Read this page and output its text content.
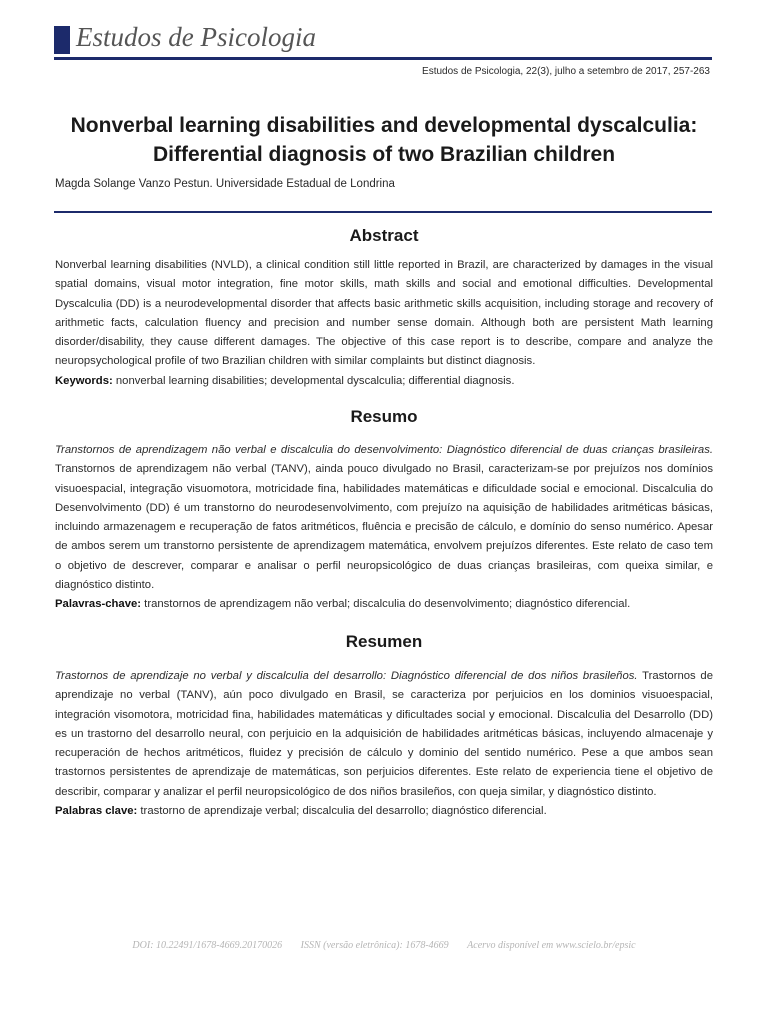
Estudos de Psicologia
Estudos de Psicologia, 22(3), julho a setembro de 2017, 257-263
Nonverbal learning disabilities and developmental dyscalculia:
Differential diagnosis of two Brazilian children
Magda Solange Vanzo Pestun. Universidade Estadual de Londrina
Abstract

Nonverbal learning disabilities (NVLD), a clinical condition still little reported in Brazil, are characterized by damages in the visual spatial domains, visual motor integration, fine motor skills, math skills and social and emotional difficulties. Developmental Dyscalculia (DD) is a neurodevelopmental disorder that affects basic arithmetic skills acquisition, including storage and recovery of arithmetic facts, calculation fluency and precision and number sense domain. Although both are persistent Math learning disorder/disability, they cause different damages. The objective of this case report is to describe, compare and analyze the neuropsychological profile of two Brazilian children with similar complaints but distinct diagnosis.

Keywords: nonverbal learning disabilities; developmental dyscalculia; differential diagnosis.

Resumo

Transtornos de aprendizagem não verbal e discalculia do desenvolvimento: Diagnóstico diferencial de duas crianças brasileiras. Transtornos de aprendizagem não verbal (TANV), ainda pouco divulgado no Brasil, caracterizam-se por prejuízos nos domínios visuoespacial, integração visuomotora, motricidade fina, habilidades matemáticas e dificuldade social e emocional. Discalculia do Desenvolvimento (DD) é um transtorno do neurodesenvolvimento, com prejuízo na aquisição de habilidades aritméticas básicas, incluindo armazenagem e recuperação de fatos aritméticos, fluência e precisão de cálculo, e domínio do senso numérico. Apesar de ambos serem um transtorno persistente de aprendizagem matemática, envolvem prejuízos diferentes. Este relato de caso tem o objetivo de descrever, comparar e analisar o perfil neuropsicológico de duas crianças brasileiras, com queixa similar, e diagnóstico distinto.

Palavras-chave: transtornos de aprendizagem não verbal; discalculia do desenvolvimento; diagnóstico diferencial.

Resumen

Trastornos de aprendizaje no verbal y discalculia del desarrollo: Diagnóstico diferencial de dos niños brasileños. Trastornos de aprendizaje no verbal (TANV), aún poco divulgado en Brasil, se caracteriza por perjuicios en los dominios visuoespacial, integración visomotora, motricidad fina, habilidades matemáticas y dificultades social y emocional. Discalculia del Desarrollo (DD) es un trastorno del desarrollo neural, con perjuicio en la adquisición de habilidades aritméticas básicas, incluyendo almacenaje y recuperación de hechos aritméticos, fluidez y precisión de cálculo y dominio del sentido numérico. Pese a que ambos sean trastornos persistentes de aprendizaje de matemáticas, son perjuicios diferentes. Este relato de experiencia tiene el objetivo de describir, comparar y analizar el perfil neuropsicológico de dos niños brasileños, con queja similar, y diagnóstico distinto.

Palabras clave: trastorno de aprendizaje verbal; discalculia del desarrollo; diagnóstico diferencial.

DOI: 10.22491/1678-4669.20170026 ISSN (versão eletrônica): 1678-4669 Acervo disponível em www.scielo.br/epsic
